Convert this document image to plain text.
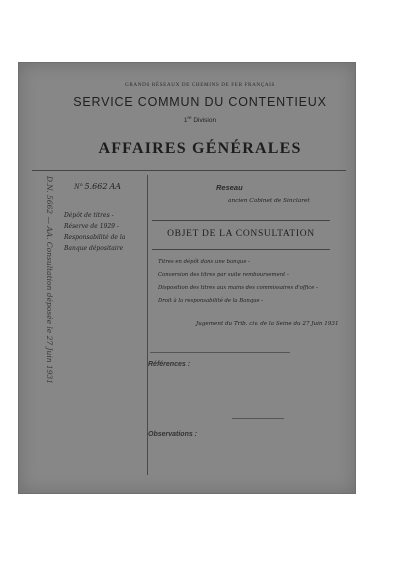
GRANDS RÉSEAUX DE CHEMINS DE FER FRANÇAIS
SERVICE COMMUN DU CONTENTIEUX
1re Division
AFFAIRES GÉNÉRALES
N° 5.662 AA
D.N. 5662 — AA. Consultation déposée le 27 Juin 1931	Reseau
ancien Cabinet de Sinclaret
Dépôt de titres -
Réserve de 1929 -
Responsabilité de la
Banque dépositaire
OBJET DE LA CONSULTATION
Titres en dépôt dans une banque -
Conversion des titres par suite remboursement -
Disposition des titres aux mains des commissaires d'office -
Droit à la responsabilité de la Banque -
Jugement du Trib. civ. de la Seine du 27 Juin 1931
Références :
Observations :
